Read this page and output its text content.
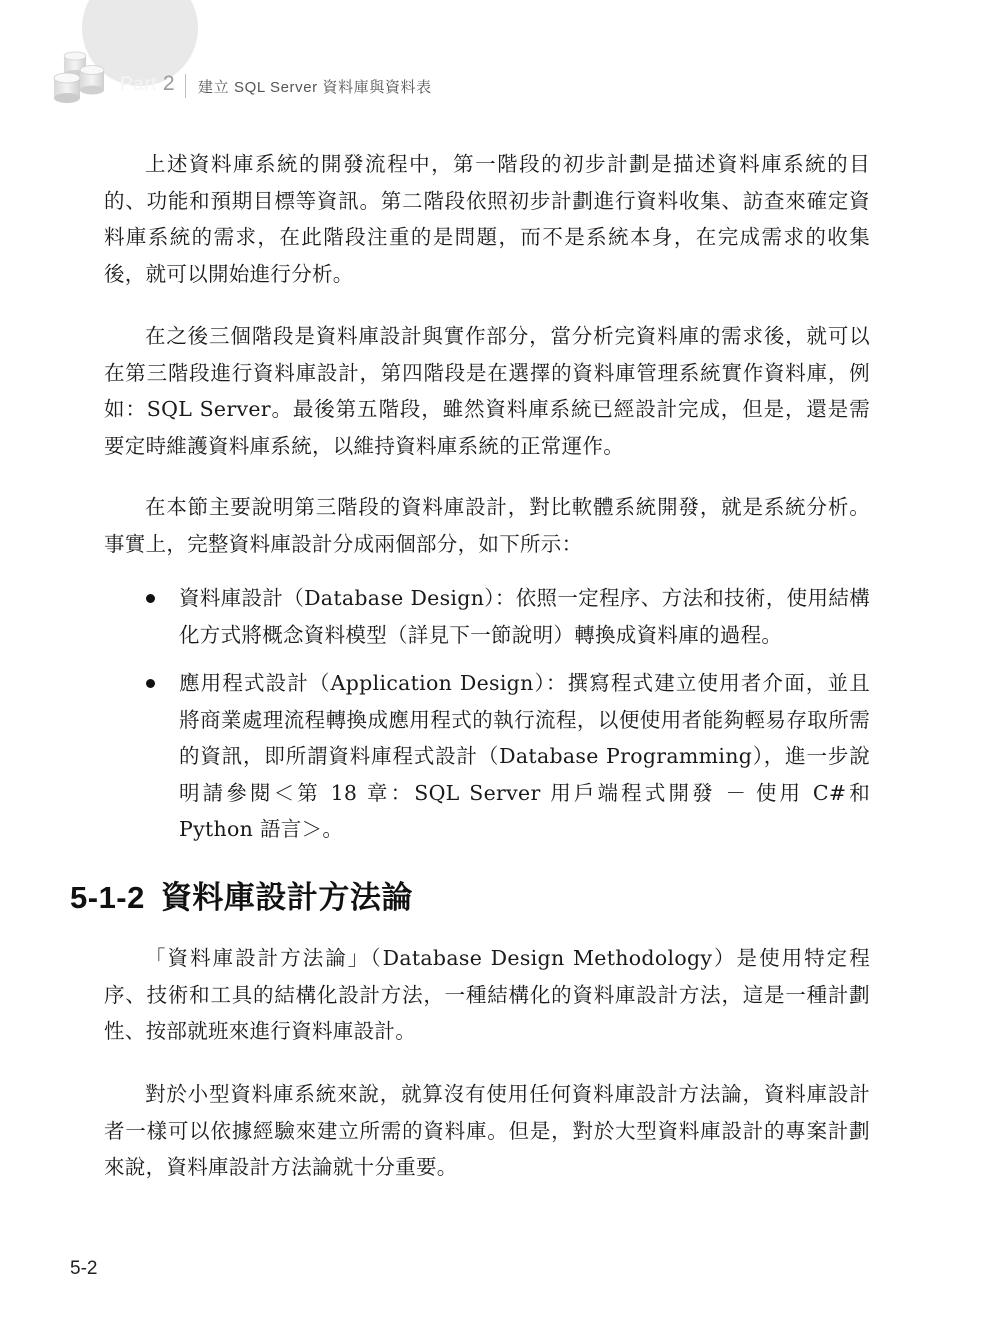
Part 2 建立 SQL Server 資料庫與資料表

上述資料庫系統的開發流程中，第一階段的初步計劃是描述資料庫系統的目的、功能和預期目標等資訊。第二階段依照初步計劃進行資料收集、訪查來確定資料庫系統的需求，在此階段注重的是問題，而不是系統本身，在完成需求的收集後，就可以開始進行分析。

在之後三個階段是資料庫設計與實作部分，當分析完資料庫的需求後，就可以在第三階段進行資料庫設計，第四階段是在選擇的資料庫管理系統實作資料庫，例如：SQL Server。最後第五階段，雖然資料庫系統已經設計完成，但是，還是需要定時維護資料庫系統，以維持資料庫系統的正常運作。

在本節主要說明第三階段的資料庫設計，對比軟體系統開發，就是系統分析。事實上，完整資料庫設計分成兩個部分，如下所示：

資料庫設計（Database Design）：依照一定程序、方法和技術，使用結構化方式將概念資料模型（詳見下一節說明）轉換成資料庫的過程。
應用程式設計（Application Design）：撰寫程式建立使用者介面，並且將商業處理流程轉換成應用程式的執行流程，以便使用者能夠輕易存取所需的資訊，即所謂資料庫程式設計（Database Programming），進一步說明請參閱＜第 18 章：SQL Server 用戶端程式開發 － 使用 C#和 Python 語言＞。

「資料庫設計方法論」（Database Design Methodology）是使用特定程序、技術和工具的結構化設計方法，一種結構化的資料庫設計方法，這是一種計劃性、按部就班來進行資料庫設計。

對於小型資料庫系統來說，就算沒有使用任何資料庫設計方法論，資料庫設計者一樣可以依據經驗來建立所需的資料庫。但是，對於大型資料庫設計的專案計劃來說，資料庫設計方法論就十分重要。

5-1-2 資料庫設計方法論
5-2
